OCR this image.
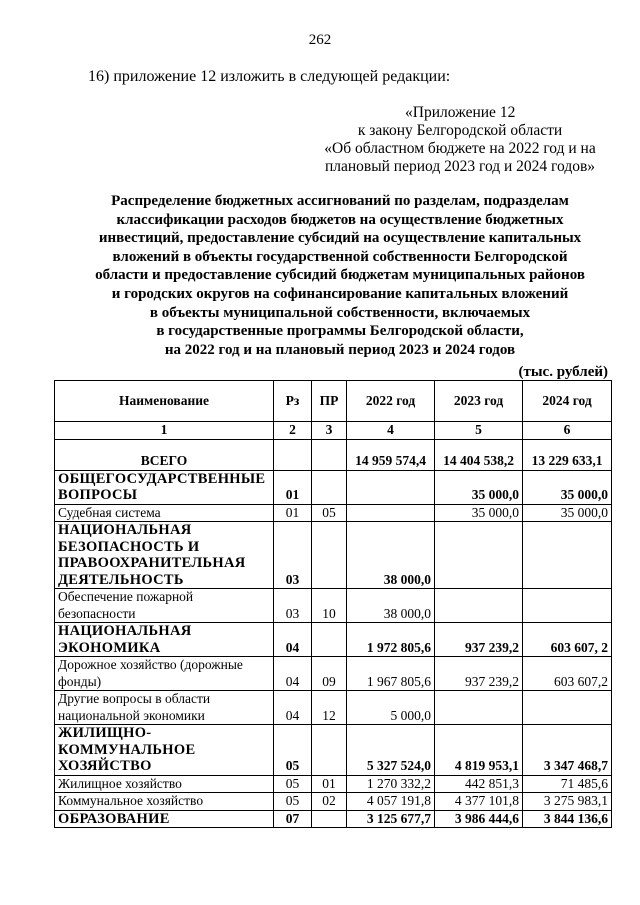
262
16) приложение 12 изложить в следующей редакции:
«Приложение 12
к закону Белгородской области
«Об областном бюджете на 2022 год и на
плановый период 2023 год и 2024 годов»
Распределение бюджетных ассигнований по разделам, подразделам
классификации расходов бюджетов на осуществление бюджетных
инвестиций, предоставление субсидий на осуществление капитальных
вложений в объекты государственной собственности Белгородской
области и предоставление субсидий бюджетам муниципальных районов
и городских округов на софинансирование капитальных вложений
в объекты муниципальной собственности, включаемых
в государственные программы Белгородской области,
на 2022 год и на плановый период 2023 и 2024 годов
(тыс. рублей)
Наименование	Рз	ПР	2022 год	2023 год	2024 год
1	2	3	4	5	6
ВСЕГО			14 959 574,4	14 404 538,2	13 229 633,1
ОБЩЕГОСУДАРСТВЕННЫЕ ВОПРОСЫ	01			35 000,0	35 000,0
Судебная система	01	05		35 000,0	35 000,0
НАЦИОНАЛЬНАЯ БЕЗОПАСНОСТЬ И ПРАВООХРАНИТЕЛЬНАЯ ДЕЯТЕЛЬНОСТЬ	03		38 000,0		
Обеспечение пожарной безопасности	03	10	38 000,0		
НАЦИОНАЛЬНАЯ ЭКОНОМИКА	04		1 972 805,6	937 239,2	603 607, 2
Дорожное хозяйство (дорожные фонды)	04	09	1 967 805,6	937 239,2	603 607,2
Другие вопросы в области национальной экономики	04	12	5 000,0		
ЖИЛИЩНО-КОММУНАЛЬНОЕ ХОЗЯЙСТВО	05		5 327 524,0	4 819 953,1	3 347 468,7
Жилищное хозяйство	05	01	1 270 332,2	442 851,3	71 485,6
Коммунальное хозяйство	05	02	4 057 191,8	4 377 101,8	3 275 983,1
ОБРАЗОВАНИЕ	07		3 125 677,7	3 986 444,6	3 844 136,6
